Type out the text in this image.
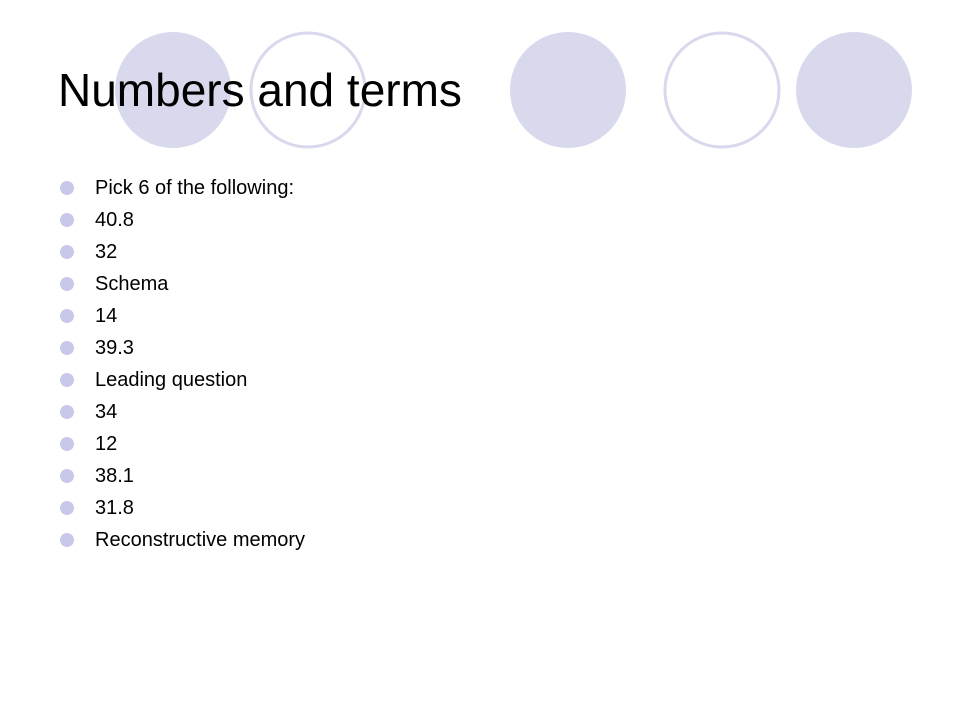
Numbers and terms
Pick 6 of the following:
40.8
32
Schema
14
39.3
Leading question
34
12
38.1
31.8
Reconstructive memory
